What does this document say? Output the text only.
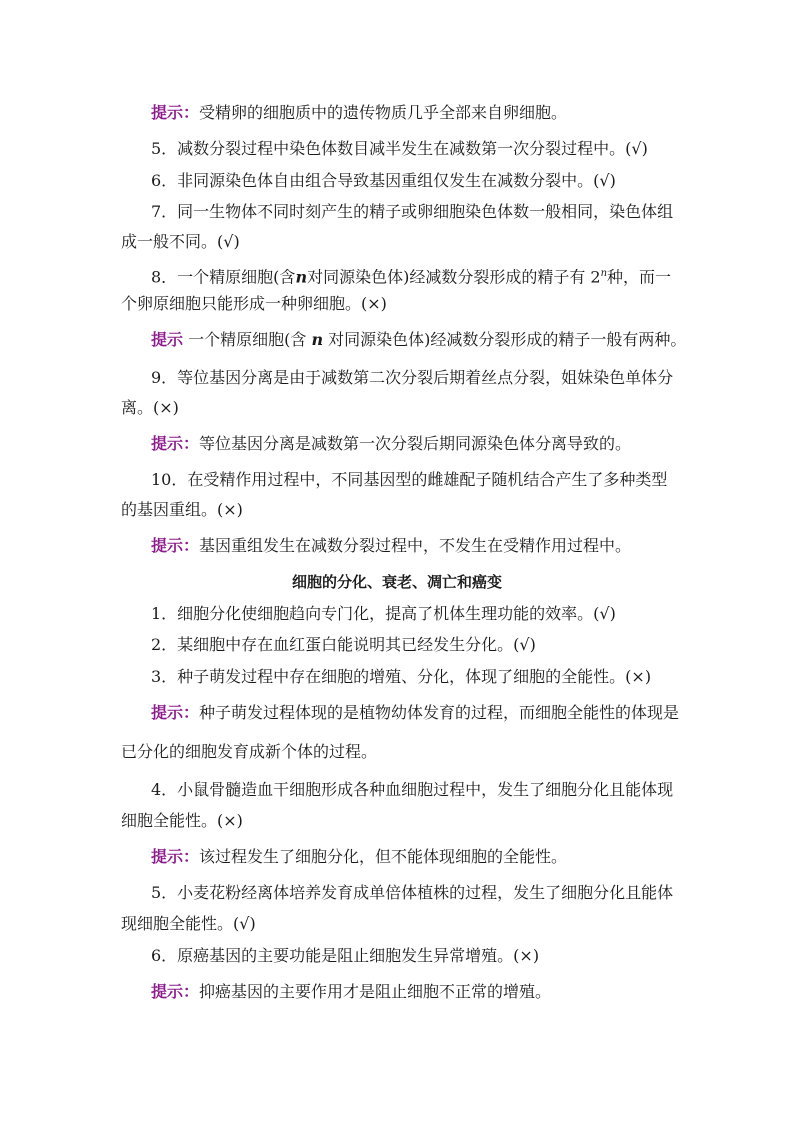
提示：受精卵的细胞质中的遗传物质几乎全部来自卵细胞。

5．减数分裂过程中染色体数目减半发生在减数第一次分裂过程中。(√)

6．非同源染色体自由组合导致基因重组仅发生在减数分裂中。(√)

7．同一生物体不同时刻产生的精子或卵细胞染色体数一般相同，染色体组

成一般不同。(√)

8．一个精原细胞(含n对同源染色体)经减数分裂形成的精子有 2$^n$种，而一

个卵原细胞只能形成一种卵细胞。(×)

提示 一个精原细胞(含 n 对同源染色体)经减数分裂形成的精子一般有两种。

9．等位基因分离是由于减数第二次分裂后期着丝点分裂，姐妹染色单体分

离。(×)

提示：等位基因分离是减数第一次分裂后期同源染色体分离导致的。

10．在受精作用过程中，不同基因型的雌雄配子随机结合产生了多种类型

的基因重组。(×)

提示：基因重组发生在减数分裂过程中，不发生在受精作用过程中。

细胞的分化、衰老、凋亡和癌变

1．细胞分化使细胞趋向专门化，提高了机体生理功能的效率。(√)

2．某细胞中存在血红蛋白能说明其已经发生分化。(√)

3．种子萌发过程中存在细胞的增殖、分化，体现了细胞的全能性。(×)

提示：种子萌发过程体现的是植物幼体发育的过程，而细胞全能性的体现是

已分化的细胞发育成新个体的过程。

4．小鼠骨髓造血干细胞形成各种血细胞过程中，发生了细胞分化且能体现

细胞全能性。(×)

提示：该过程发生了细胞分化，但不能体现细胞的全能性。

5．小麦花粉经离体培养发育成单倍体植株的过程，发生了细胞分化且能体

现细胞全能性。(√)

6．原癌基因的主要功能是阻止细胞发生异常增殖。(×)

提示：抑癌基因的主要作用才是阻止细胞不正常的增殖。
